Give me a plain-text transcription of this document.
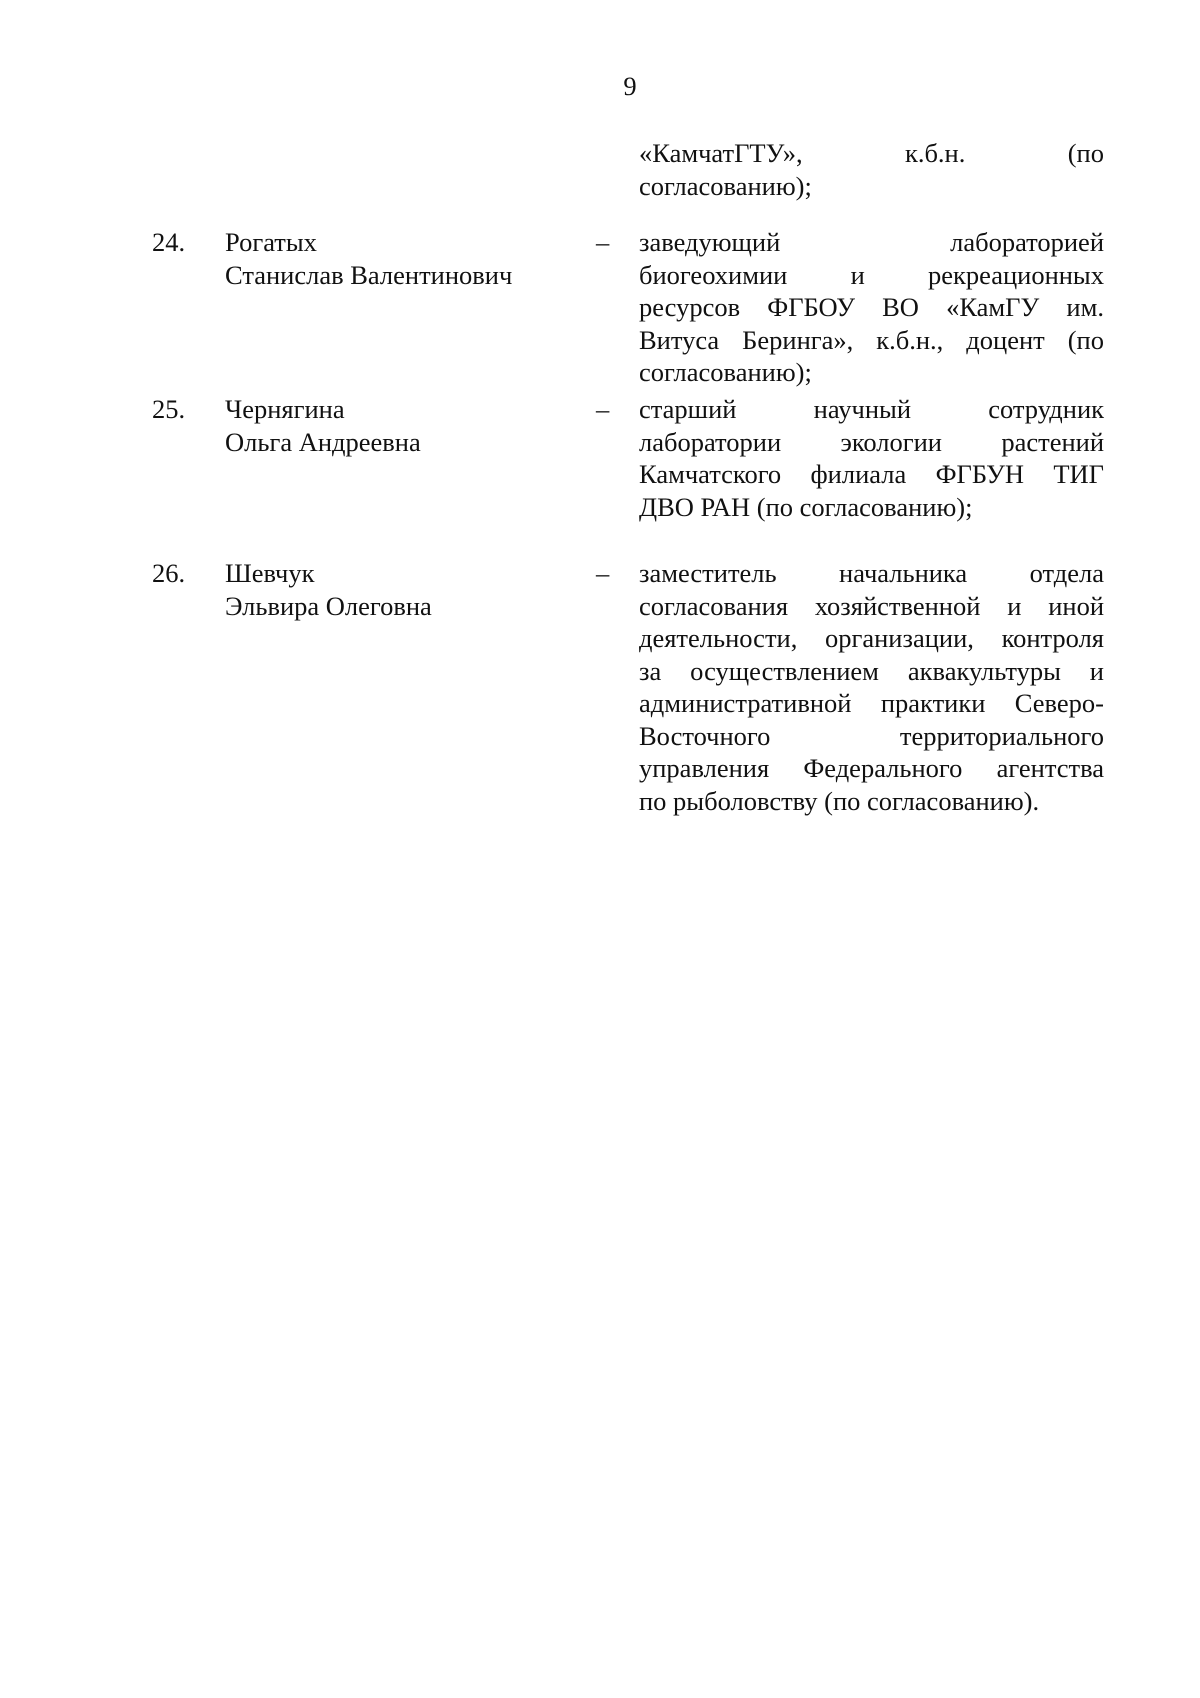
9
«КамчатГТУ», к.б.н. (по
согласованию);
24. Рогатых
Станислав Валентинович
– заведующий лабораторией
биогеохимии и рекреационных
ресурсов ФГБОУ ВО «КамГУ им.
Витуса Беринга», к.б.н., доцент (по
согласованию);
25. Чернягина
Ольга Андреевна
– старший научный сотрудник
лаборатории экологии растений
Камчатского филиала ФГБУН ТИГ
ДВО РАН (по согласованию);
26. Шевчук
Эльвира Олеговна
– заместитель начальника отдела
согласования хозяйственной и иной
деятельности, организации, контроля
за осуществлением аквакультуры и
административной практики Северо-
Восточного территориального
управления Федерального агентства
по рыболовству (по согласованию).
